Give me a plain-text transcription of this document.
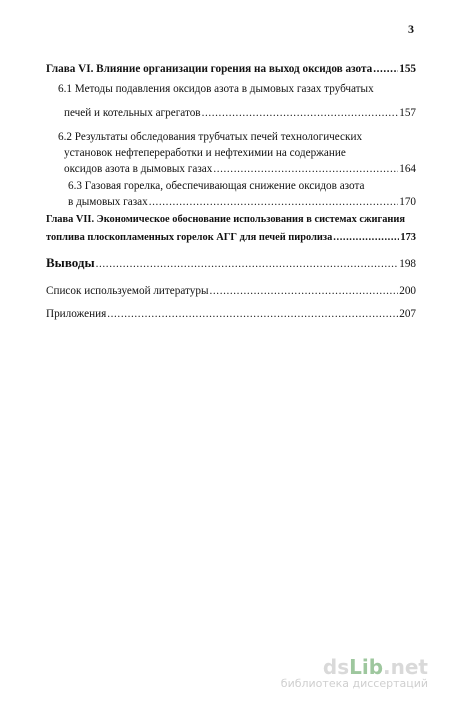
3
Глава VI. Влияние организации горения на выход оксидов азота ..... 155
6.1 Методы подавления оксидов азота в дымовых газах трубчатых
печей и котельных агрегатов .....	157
6.2 Результаты обследования трубчатых печей технологических
установок нефтепереработки и нефтехимии на содержание
оксидов азота в дымовых газах .....	164
6.3 Газовая горелка, обеспечивающая снижение оксидов азота
в дымовых газах .....	170
Глава VII. Экономическое обоснование использования в системах сжигания
топлива плоскопламенных горелок АГГ для печей пиролиза .....	173
Выводы .....	198
Список используемой литературы .....	200
Приложения .....	207
dsLib.net
библиотека диссертаций
